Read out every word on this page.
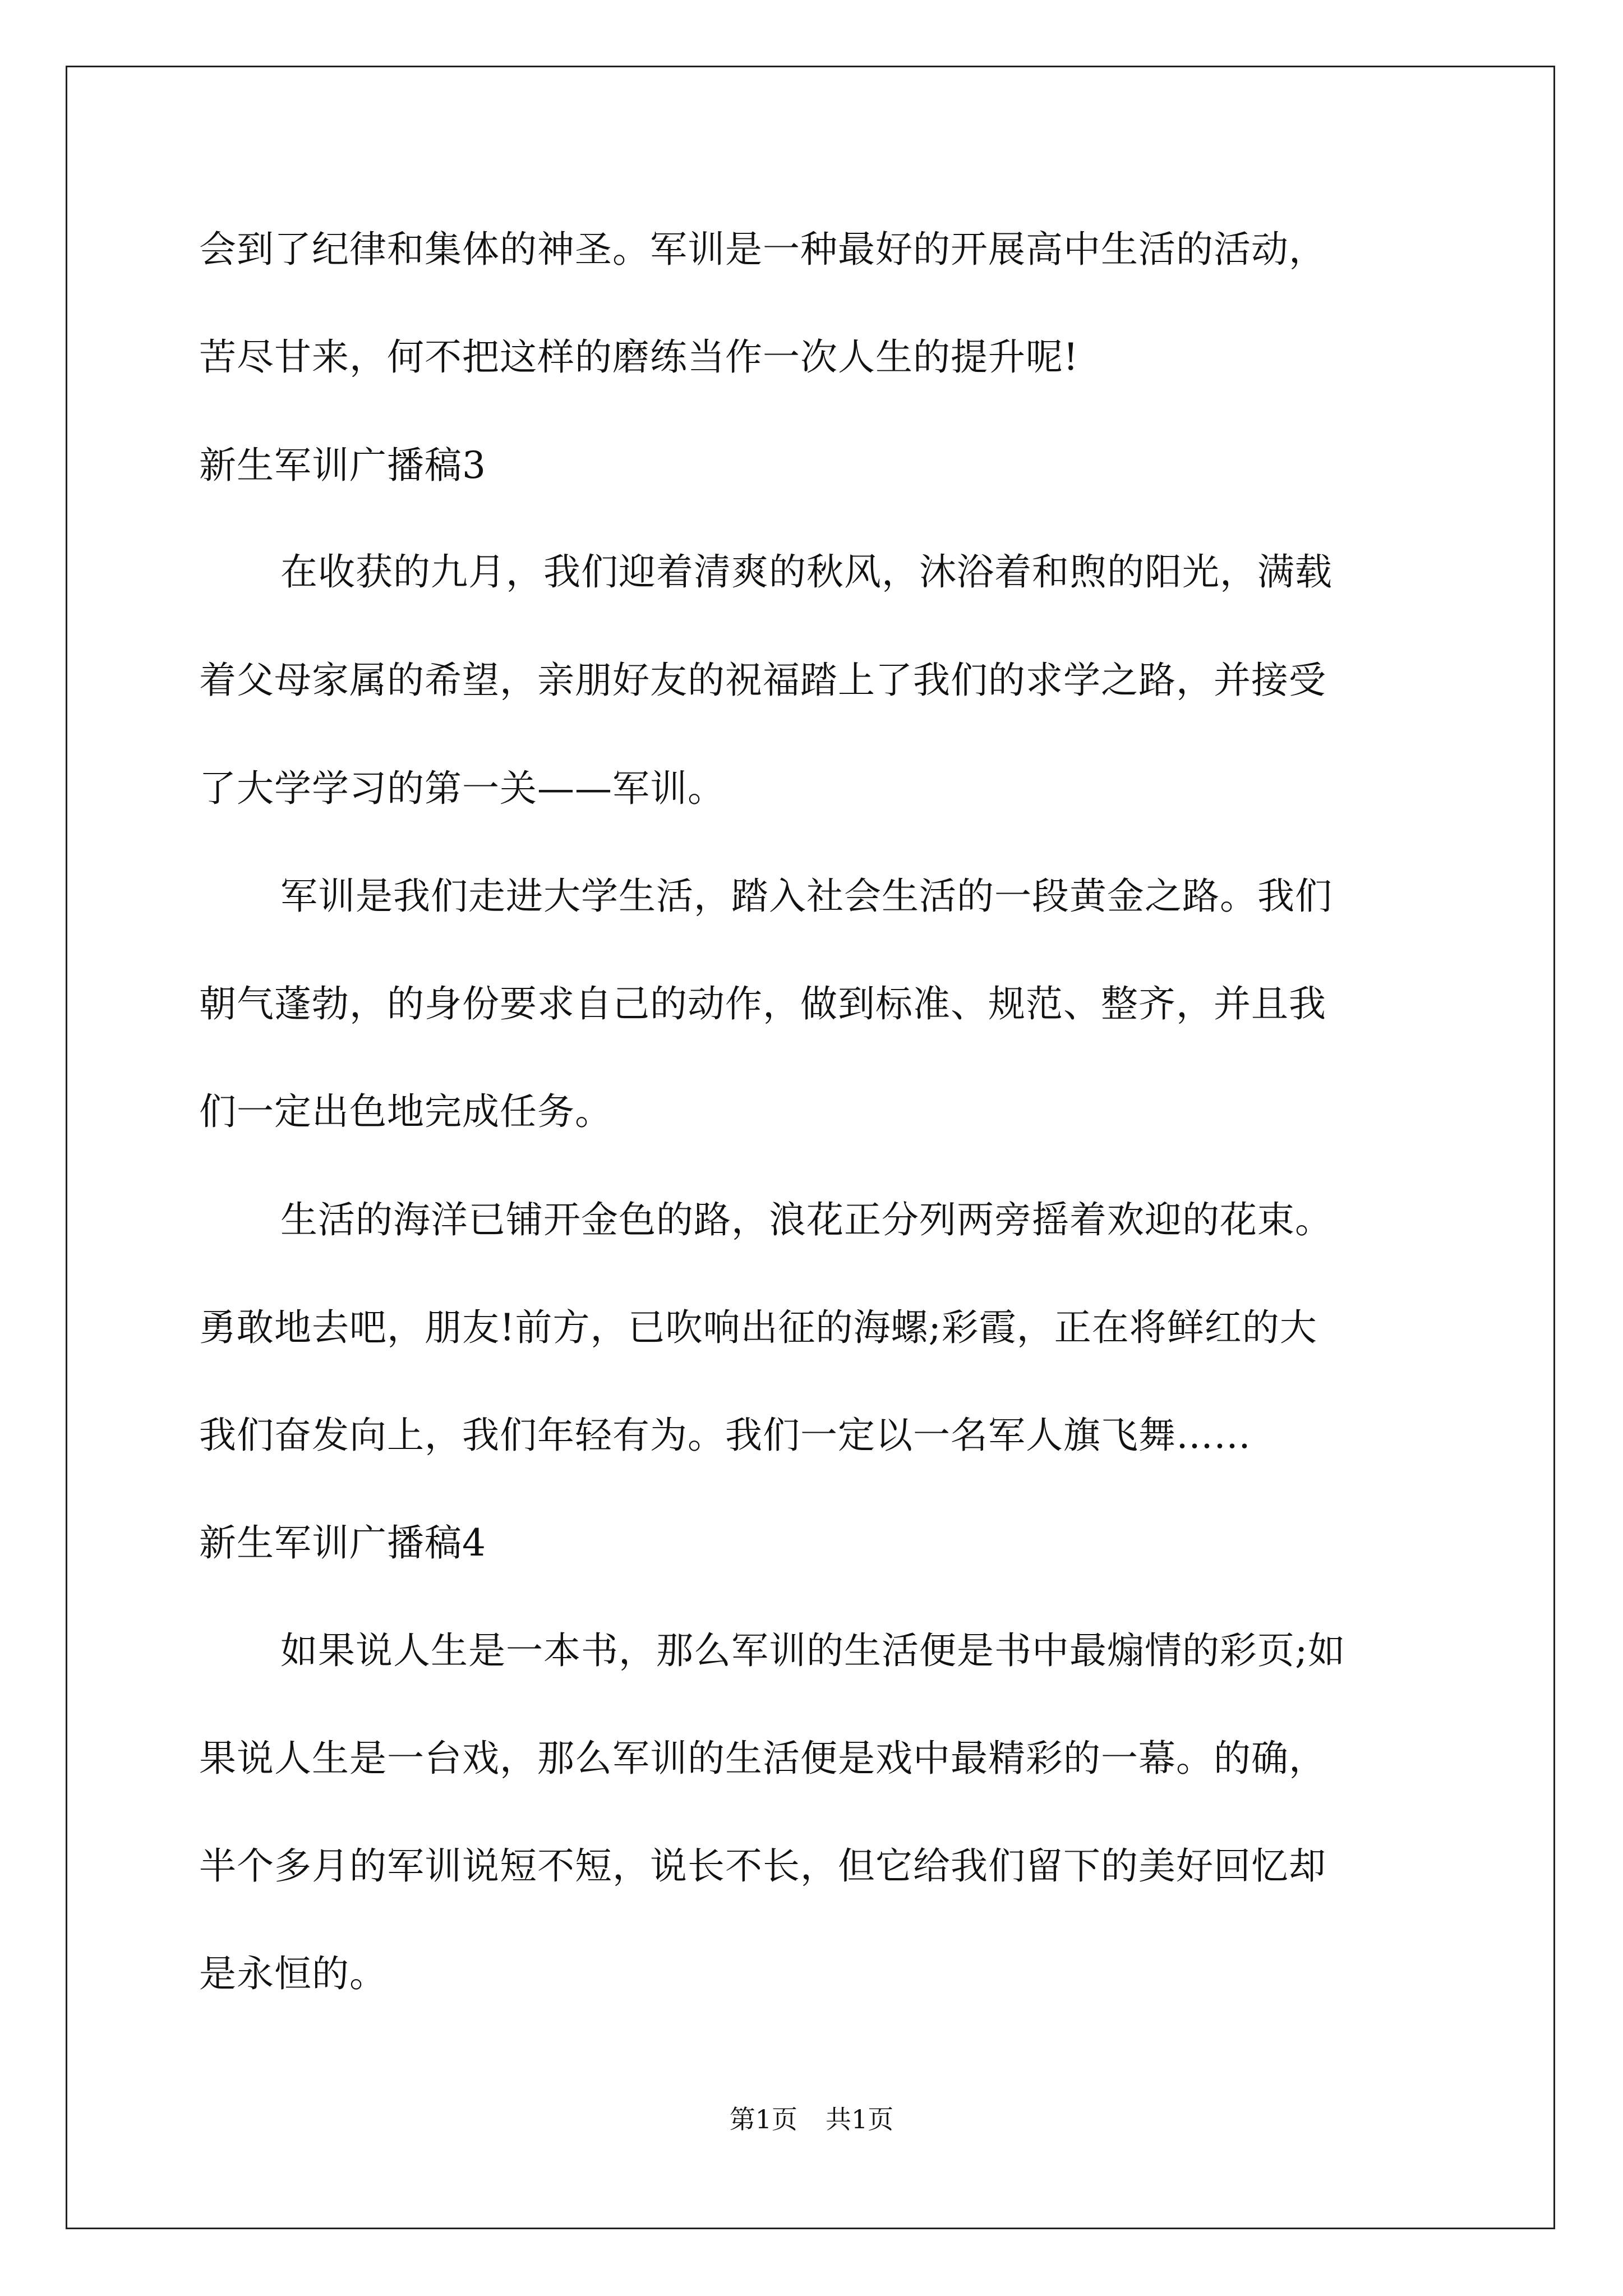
会到了纪律和集体的神圣。军训是一种最好的开展高中生活的活动，
苦尽甘来，何不把这样的磨练当作一次人生的提升呢!
新生军训广播稿3
在收获的九月，我们迎着清爽的秋风，沐浴着和煦的阳光，满载
着父母家属的希望，亲朋好友的祝福踏上了我们的求学之路，并接受
了大学学习的第一关——军训。
军训是我们走进大学生活，踏入社会生活的一段黄金之路。我们
朝气蓬勃，的身份要求自己的动作，做到标准、规范、整齐，并且我
们一定出色地完成任务。
生活的海洋已铺开金色的路，浪花正分列两旁摇着欢迎的花束。
勇敢地去吧，朋友!前方，已吹响出征的海螺;彩霞，正在将鲜红的大
我们奋发向上，我们年轻有为。我们一定以一名军人旗飞舞……
新生军训广播稿4
如果说人生是一本书，那么军训的生活便是书中最煽情的彩页;如
果说人生是一台戏，那么军训的生活便是戏中最精彩的一幕。的确，
半个多月的军训说短不短，说长不长，但它给我们留下的美好回忆却
是永恒的。
第1页 共1页
